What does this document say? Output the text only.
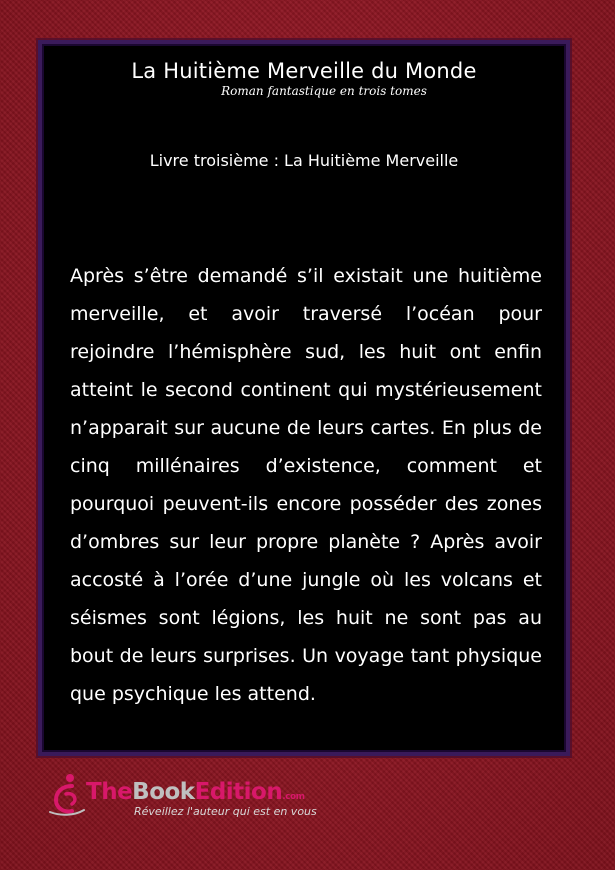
La Huitième Merveille du Monde
Roman fantastique en trois tomes
Livre troisième : La Huitième Merveille

Après s’être demandé s’il existait une huitième merveille, et avoir traversé l’océan pour rejoindre l’hémisphère sud, les huit ont enfin atteint le second continent qui mystérieusement n’apparait sur aucune de leurs cartes. En plus de cinq millénaires d’existence, comment et pourquoi peuvent-ils encore posséder des zones d’ombres sur leur propre planète ? Après avoir accosté à l’orée d’une jungle où les volcans et séismes sont légions, les huit ne sont pas au bout de leurs surprises. Un voyage tant physique que psychique les attend.

TheBookEdition.com
Réveillez l'auteur qui est en vous
